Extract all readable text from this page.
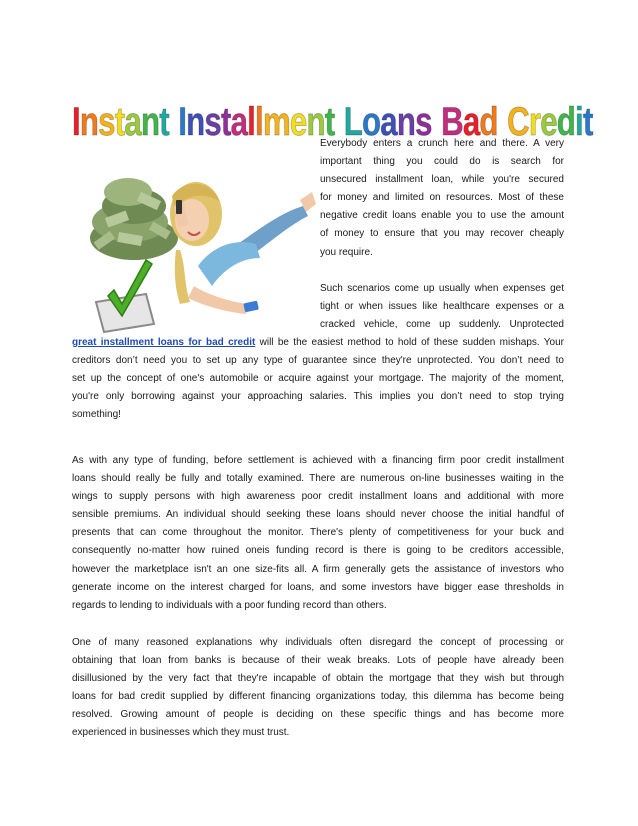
Instant Installment Loans Bad Credit

Everybody enters a crunch here and there. A very
important thing you could do is search for
unsecured installment loan, while you're secured
for money and limited on resources. Most of these
negative credit loans enable you to use the amount
of money to ensure that you may recover cheaply
you require.

Such scenarios come up usually when expenses get
tight or when issues like healthcare expenses or a
cracked vehicle, come up suddenly. Unprotected

great installment loans for bad credit will be the easiest method to hold of these sudden mishaps. Your
creditors don’t need you to set up any type of guarantee since they're unprotected. You don’t need to
set up the concept of one's automobile or acquire against your mortgage. The majority of the moment,
you're only borrowing against your approaching salaries. This implies you don’t need to stop trying
something!

As with any type of funding, before settlement is achieved with a financing firm poor credit installment
loans should really be fully and totally examined. There are numerous on-line businesses waiting in the
wings to supply persons with high awareness poor credit installment loans and additional with more
sensible premiums. An individual should seeking these loans should never choose the initial handful of
presents that can come throughout the monitor. There's plenty of competitiveness for your buck and
consequently no-matter how ruined oneis funding record is there is going to be creditors accessible,
however the marketplace isn't an one size-fits all. A firm generally gets the assistance of investors who
generate income on the interest charged for loans, and some investors have bigger ease thresholds in
regards to lending to individuals with a poor funding record than others.

One of many reasoned explanations why individuals often disregard the concept of processing or
obtaining that loan from banks is because of their weak breaks. Lots of people have already been
disillusioned by the very fact that they're incapable of obtain the mortgage that they wish but through
loans for bad credit supplied by different financing organizations today, this dilemma has become being
resolved. Growing amount of people is deciding on these specific things and has become more
experienced in businesses which they must trust.
